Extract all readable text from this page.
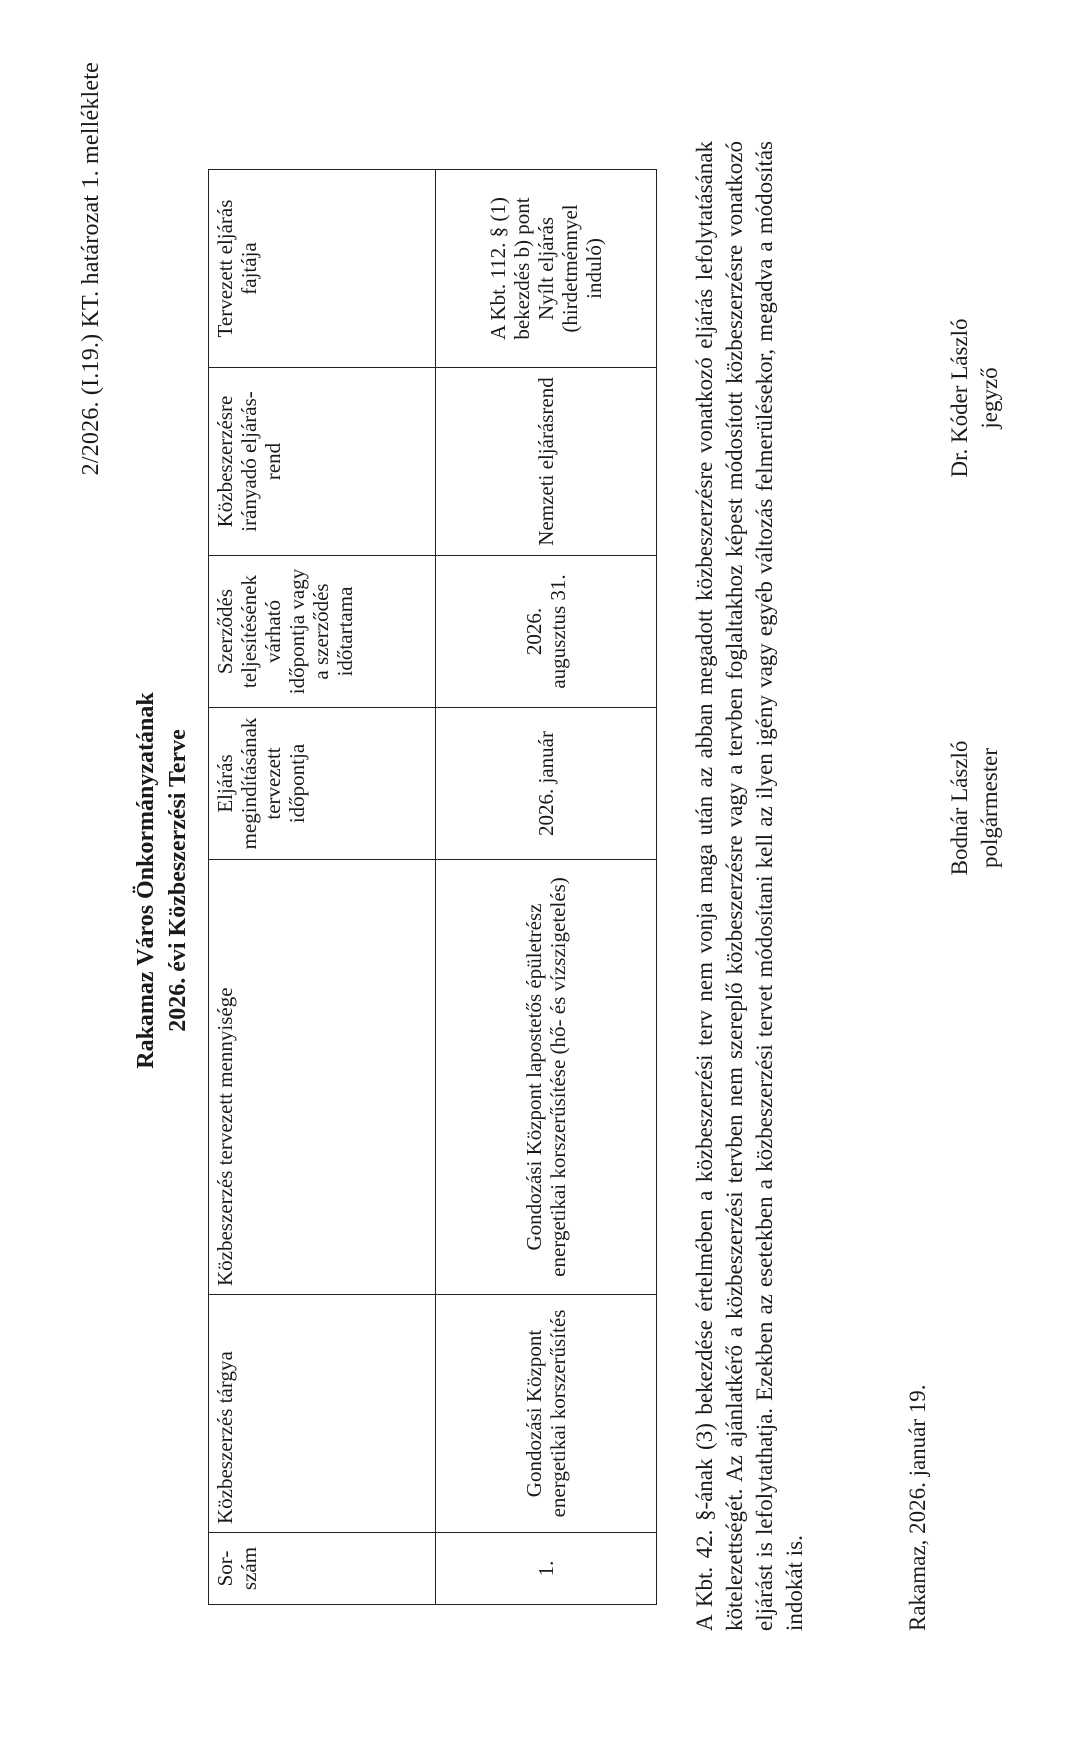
2/2026. (I.19.) KT. határozat 1. melléklete
Rakamaz Város Önkormányzatának 2026. évi Közbeszerzési Terve
Sor-szám	Közbeszerzés tárgya	Közbeszerzés tervezett mennyisége	Eljárás megindításának tervezett időpontja	Szerződés teljesítésének várható időpontja vagy a szerződés időtartama	Közbeszerzésre irányadó eljárás-rend	Tervezett eljárás fajtája
1.	Gondozási Központ energetikai korszerűsítés	Gondozási Központ lapostetős épületrész energetikai korszerűsítése (hő- és vízszigetelés)	2026. január	2026. augusztus 31.	Nemzeti eljárásrend	A Kbt. 112. § (1) bekezdés b) pont Nyílt eljárás (hirdetménnyel induló)	A Kbt. 42. §-ának (3) bekezdése értelmében a közbeszerzési terv nem vonja maga után az abban megadott közbeszerzésre vonatkozó eljárás lefolytatásának kötelezettségét. Az ajánlatkérő a közbeszerzési tervben nem szereplő közbeszerzésre vagy a tervben foglaltakhoz képest módosított közbeszerzésre vonatkozó eljárást is lefolytathatja. Ezekben az esetekben a közbeszerzési tervet módosítani kell az ilyen igény vagy egyéb változás felmerülésekor, megadva a módosítás indokát is.	Rakamaz, 2026. január 19.
Bodnár László polgármester
Dr. Kóder László jegyző
